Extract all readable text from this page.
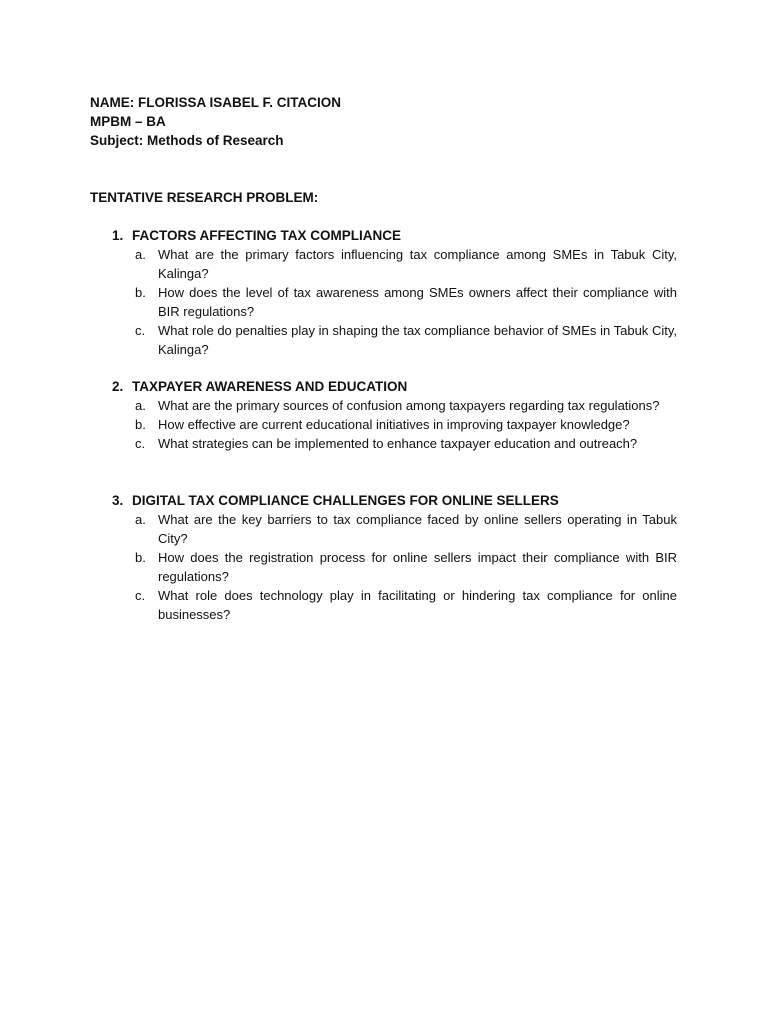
NAME: FLORISSA ISABEL F. CITACION
MPBM – BA
Subject: Methods of Research
TENTATIVE RESEARCH PROBLEM:
1. FACTORS AFFECTING TAX COMPLIANCE
a. What are the primary factors influencing tax compliance among SMEs in Tabuk City, Kalinga?
b. How does the level of tax awareness among SMEs owners affect their compliance with BIR regulations?
c. What role do penalties play in shaping the tax compliance behavior of SMEs in Tabuk City, Kalinga?
2. TAXPAYER AWARENESS AND EDUCATION
a. What are the primary sources of confusion among taxpayers regarding tax regulations?
b. How effective are current educational initiatives in improving taxpayer knowledge?
c. What strategies can be implemented to enhance taxpayer education and outreach?
3. DIGITAL TAX COMPLIANCE CHALLENGES FOR ONLINE SELLERS
a. What are the key barriers to tax compliance faced by online sellers operating in Tabuk City?
b. How does the registration process for online sellers impact their compliance with BIR regulations?
c. What role does technology play in facilitating or hindering tax compliance for online businesses?
